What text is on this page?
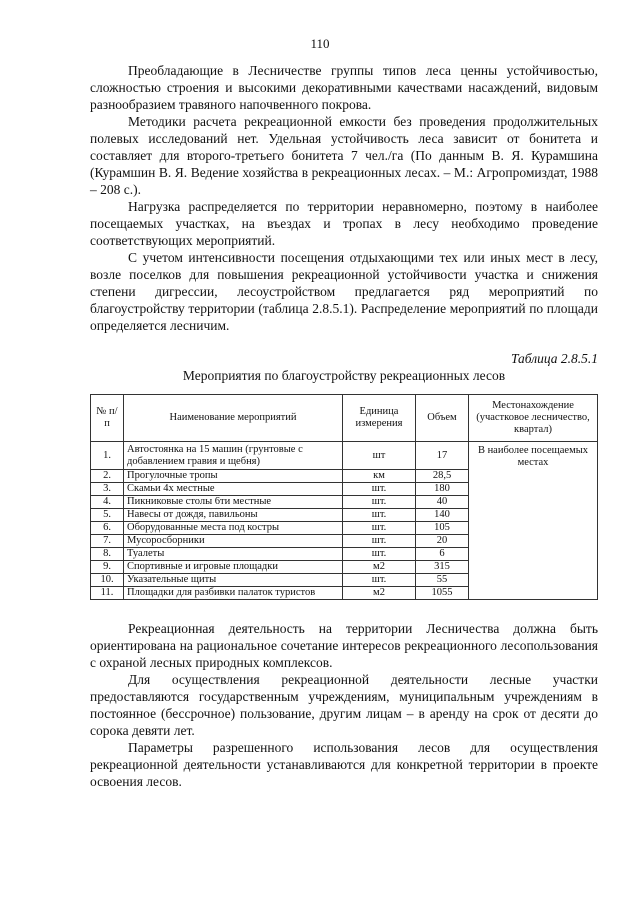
110

Преобладающие в Лесничестве группы типов леса ценны устойчивостью, сложностью строения и высокими декоративными качествами насаждений, видовым разнообразием травяного напочвенного покрова.

Методики расчета рекреационной емкости без проведения продолжительных полевых исследований нет. Удельная устойчивость леса зависит от бонитета и составляет для второго-третьего бонитета 7 чел./га (По данным В. Я. Курамшина (Курамшин В. Я. Ведение хозяйства в рекреационных лесах. – М.: Агропромиздат, 1988 – 208 с.).

Нагрузка распределяется по территории неравномерно, поэтому в наиболее посещаемых участках, на въездах и тропах в лесу необходимо проведение соответствующих мероприятий.

С учетом интенсивности посещения отдыхающими тех или иных мест в лесу, возле поселков для повышения рекреационной устойчивости участка и снижения степени дигрессии, лесоустройством предлагается ряд мероприятий по благоустройству территории (таблица 2.8.5.1). Распределение мероприятий по площади определяется лесничим.

Таблица 2.8.5.1
Мероприятия по благоустройству рекреационных лесов
№ п/п	Наименование мероприятий	Единица измерения	Объем	Местонахождение (участковое лесничество, квартал)
1.	Автостоянка на 15 машин (грунтовые с добавлением гравия и щебня)	шт	17	В наиболее посещаемых местах
2.	Прогулочные тропы	км	28,5	
3.	Скамьи 4х местные	шт.	180	
4.	Пикниковые столы 6ти местные	шт.	40	
5.	Навесы от дождя, павильоны	шт.	140	
6.	Оборудованные места под костры	шт.	105	
7.	Мусоросборники	шт.	20	
8.	Туалеты	шт.	6	
9.	Спортивные и игровые площадки	м2	315	
10.	Указательные щиты	шт.	55	
11.	Площадки для разбивки палаток туристов	м2	1055	

Рекреационная деятельность на территории Лесничества должна быть ориентирована на рациональное сочетание интересов рекреационного лесопользования с охраной лесных природных комплексов.

Для осуществления рекреационной деятельности лесные участки предоставляются государственным учреждениям, муниципальным учреждениям в постоянное (бессрочное) пользование, другим лицам – в аренду на срок от десяти до сорока девяти лет.

Параметры разрешенного использования лесов для осуществления рекреационной деятельности устанавливаются для конкретной территории в проекте освоения лесов.
